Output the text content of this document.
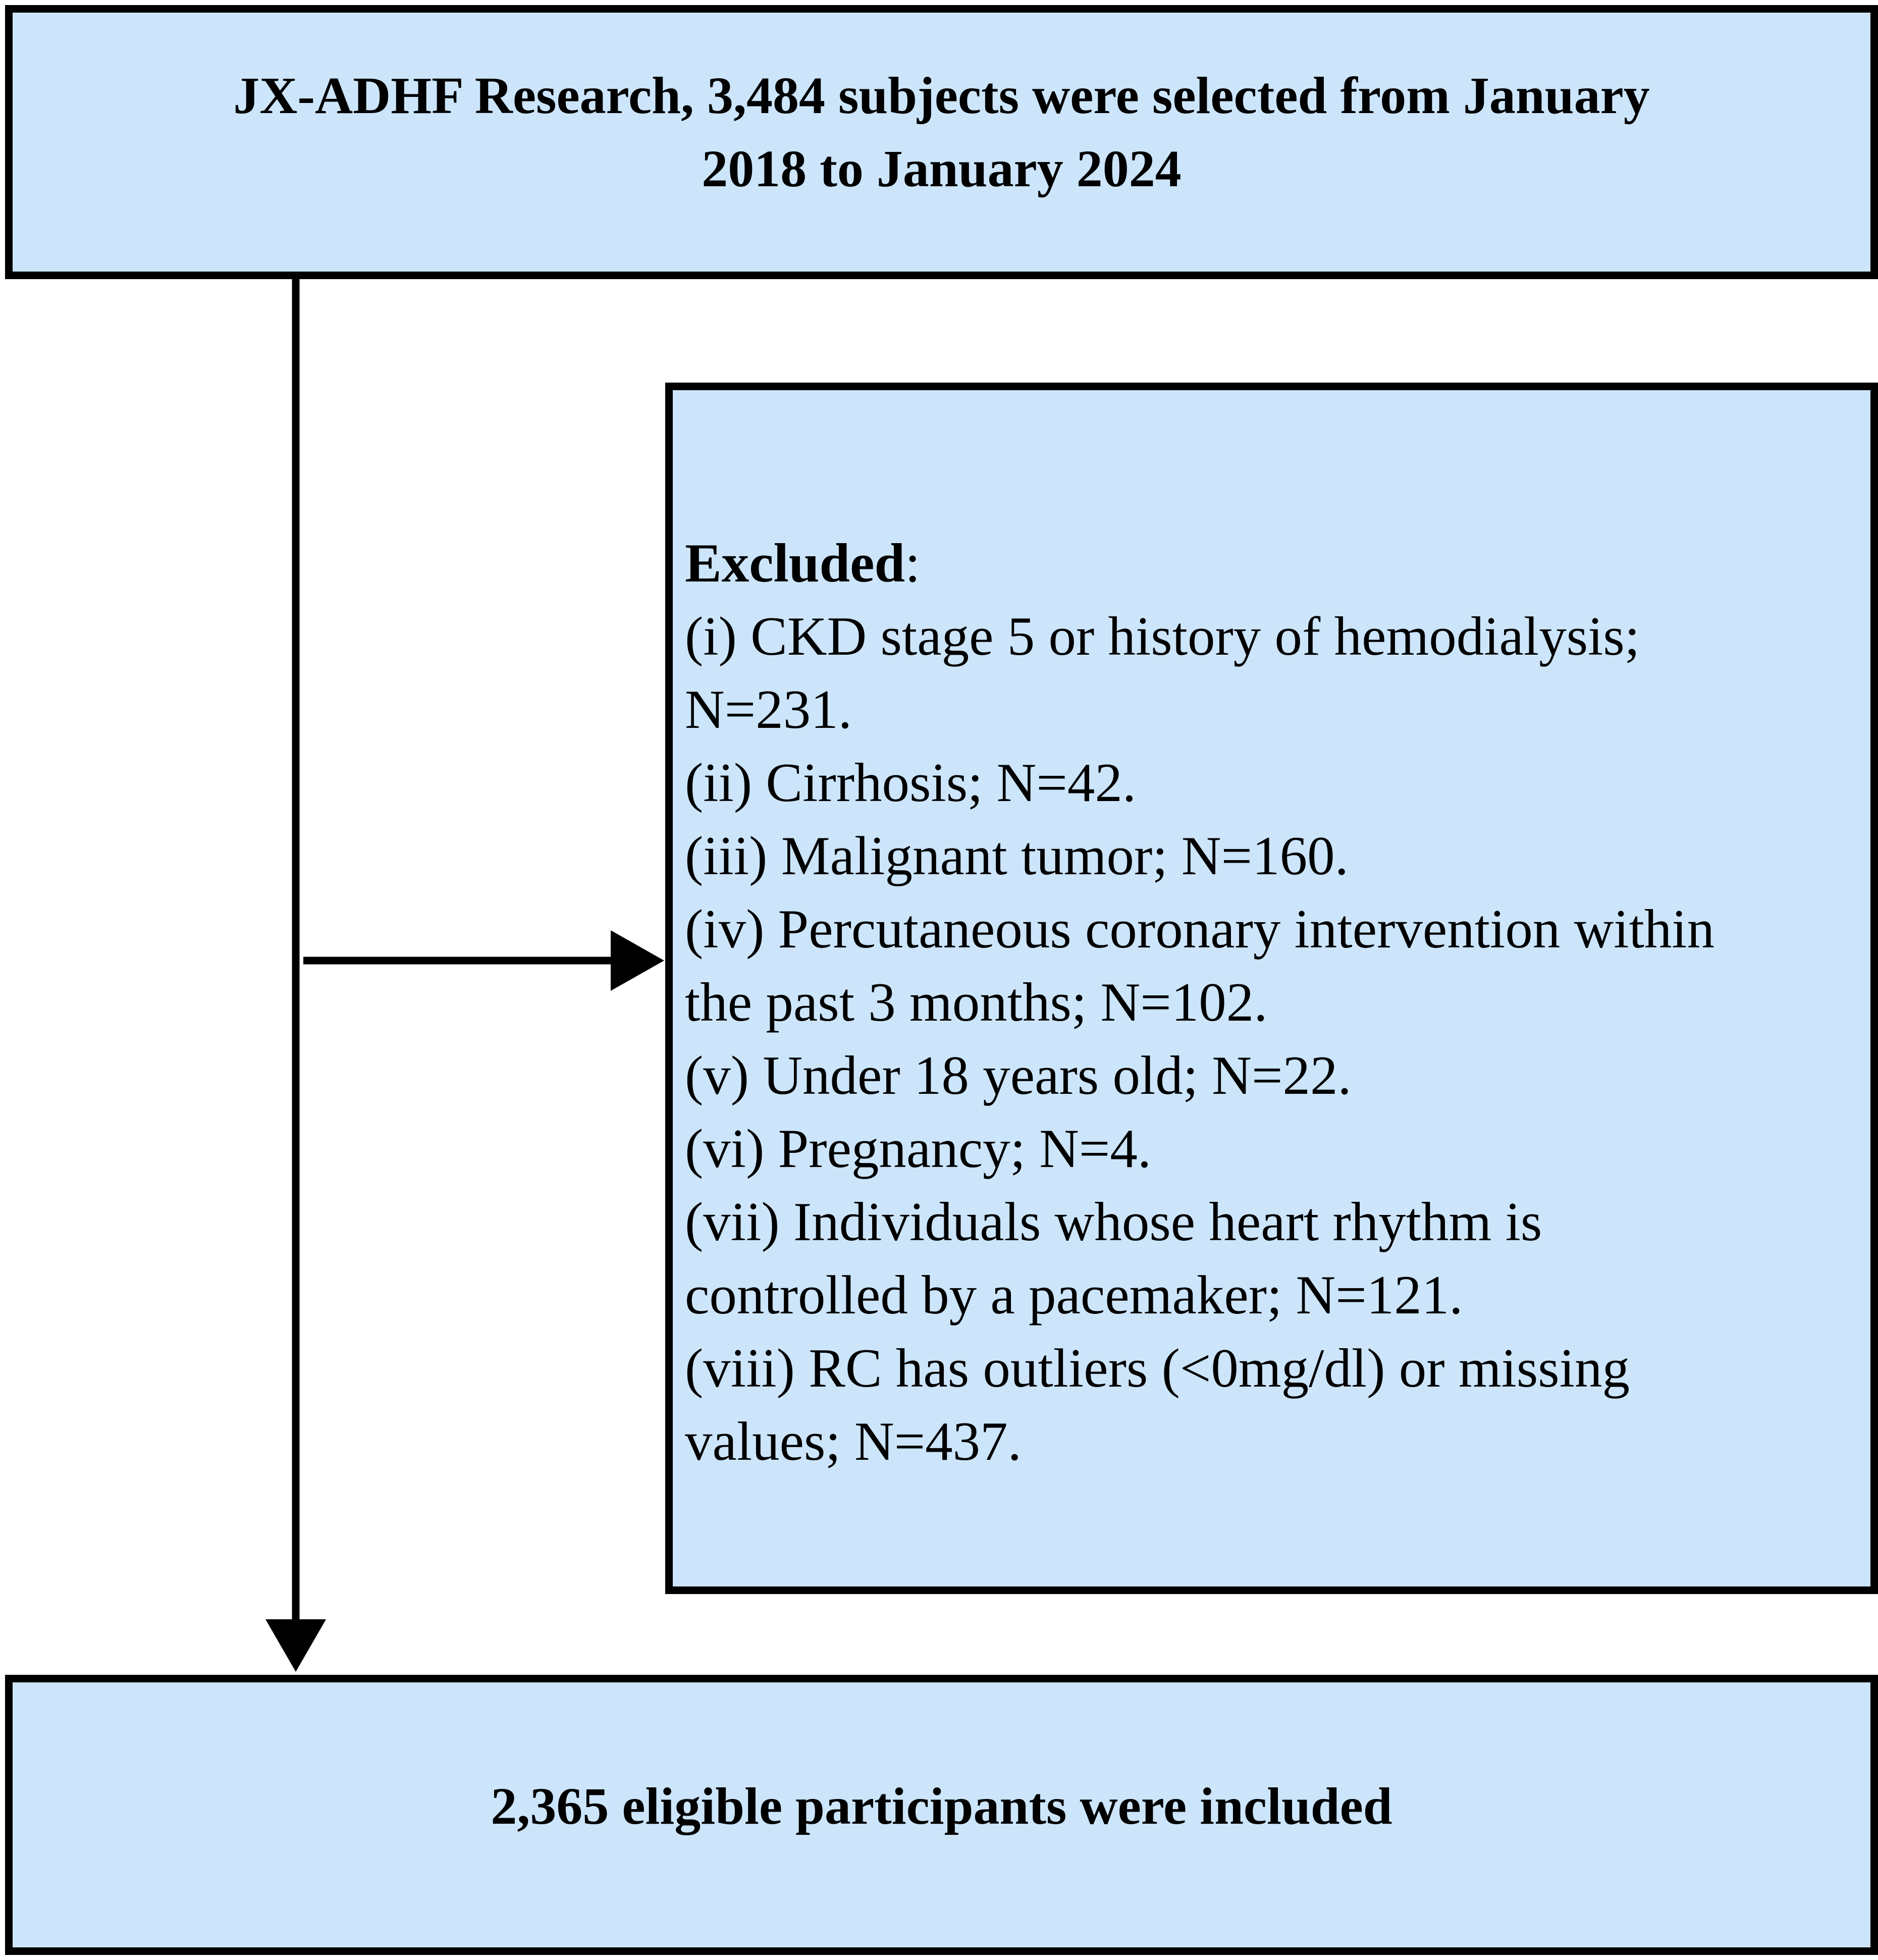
JX-ADHF Research, 3,484 subjects were selected from January
2018 to January 2024
Excluded:
(i) CKD stage 5 or history of hemodialysis;
N=231.
(ii) Cirrhosis; N=42.
(iii) Malignant tumor; N=160.
(iv) Percutaneous coronary intervention within
the past 3 months; N=102.
(v) Under 18 years old; N=22.
(vi) Pregnancy; N=4.
(vii) Individuals whose heart rhythm is
controlled by a pacemaker; N=121.
(viii) RC has outliers (<0mg/dl) or missing
values; N=437.
2,365 eligible participants were included
